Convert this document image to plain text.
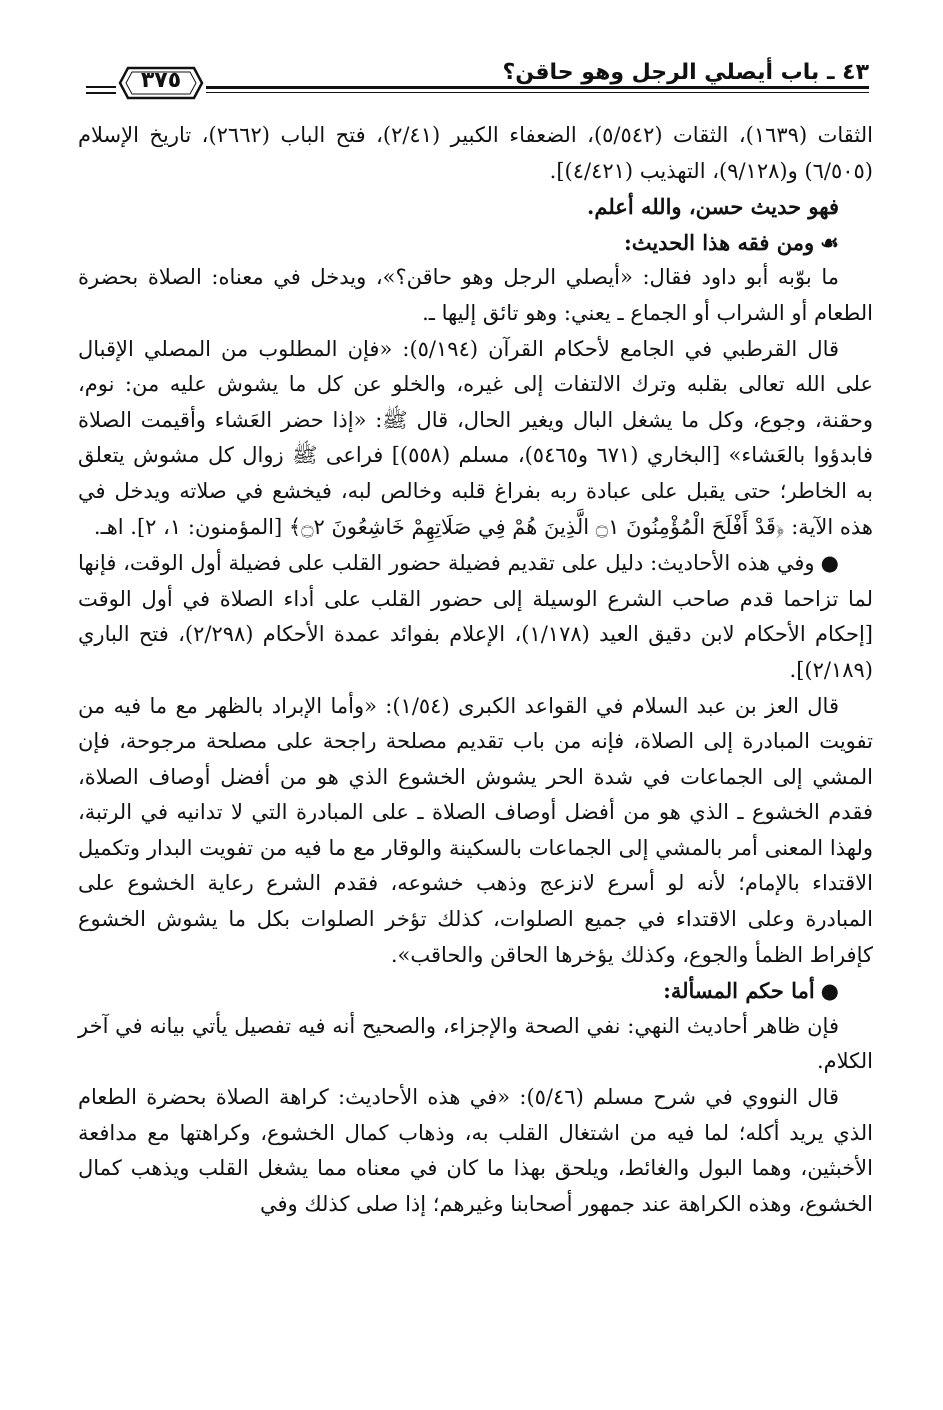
٤٣ ـ باب أيصلي الرجل وهو حاقن؟
٣٧٥

الثقات (١٦٣٩)، الثقات (٥/٥٤٢)، الضعفاء الكبير (٢/٤١)، فتح الباب (٢٦٦٢)، تاريخ الإسلام (٦/٥٠٥) و(٩/١٢٨)، التهذيب (٤/٤٢١)].

فهو حديث حسن، والله أعلم.

☙ومن فقه هذا الحديث:

ما بوّبه أبو داود فقال: «أيصلي الرجل وهو حاقن؟»، ويدخل في معناه: الصلاة بحضرة الطعام أو الشراب أو الجماع ـ يعني: وهو تائق إليها ـ.

قال القرطبي في الجامع لأحكام القرآن (٥/١٩٤): «فإن المطلوب من المصلي الإقبال على الله تعالى بقلبه وترك الالتفات إلى غيره، والخلو عن كل ما يشوش عليه من: نوم، وحقنة، وجوع، وكل ما يشغل البال ويغير الحال، قال ﷺ: «إذا حضر العَشاء وأقيمت الصلاة فابدؤوا بالعَشاء» [البخاري (٦٧١ و٥٤٦٥)، مسلم (٥٥٨)] فراعى ﷺ زوال كل مشوش يتعلق به الخاطر؛ حتى يقبل على عبادة ربه بفراغ قلبه وخالص لبه، فيخشع في صلاته ويدخل في هذه الآية: ﴿قَدْ أَفْلَحَ الْمُؤْمِنُونَ ۝١ الَّذِينَ هُمْ فِي صَلَاتِهِمْ خَاشِعُونَ ۝٢﴾ [المؤمنون: ١، ٢]. اهـ.

●وفي هذه الأحاديث: دليل على تقديم فضيلة حضور القلب على فضيلة أول الوقت، فإنها لما تزاحما قدم صاحب الشرع الوسيلة إلى حضور القلب على أداء الصلاة في أول الوقت [إحكام الأحكام لابن دقيق العيد (١/١٧٨)، الإعلام بفوائد عمدة الأحكام (٢/٢٩٨)، فتح الباري (٢/١٨٩)].

قال العز بن عبد السلام في القواعد الكبرى (١/٥٤): «وأما الإبراد بالظهر مع ما فيه من تفويت المبادرة إلى الصلاة، فإنه من باب تقديم مصلحة راجحة على مصلحة مرجوحة، فإن المشي إلى الجماعات في شدة الحر يشوش الخشوع الذي هو من أفضل أوصاف الصلاة، فقدم الخشوع ـ الذي هو من أفضل أوصاف الصلاة ـ على المبادرة التي لا تدانيه في الرتبة، ولهذا المعنى أمر بالمشي إلى الجماعات بالسكينة والوقار مع ما فيه من تفويت البدار وتكميل الاقتداء بالإمام؛ لأنه لو أسرع لانزعج وذهب خشوعه، فقدم الشرع رعاية الخشوع على المبادرة وعلى الاقتداء في جميع الصلوات، كذلك تؤخر الصلوات بكل ما يشوش الخشوع كإفراط الظمأ والجوع، وكذلك يؤخرها الحاقن والحاقب».

●أما حكم المسألة:

فإن ظاهر أحاديث النهي: نفي الصحة والإجزاء، والصحيح أنه فيه تفصيل يأتي بيانه في آخر الكلام.

قال النووي في شرح مسلم (٥/٤٦): «في هذه الأحاديث: كراهة الصلاة بحضرة الطعام الذي يريد أكله؛ لما فيه من اشتغال القلب به، وذهاب كمال الخشوع، وكراهتها مع مدافعة الأخبثين، وهما البول والغائط، ويلحق بهذا ما كان في معناه مما يشغل القلب ويذهب كمال الخشوع، وهذه الكراهة عند جمهور أصحابنا وغيرهم؛ إذا صلى كذلك وفي
